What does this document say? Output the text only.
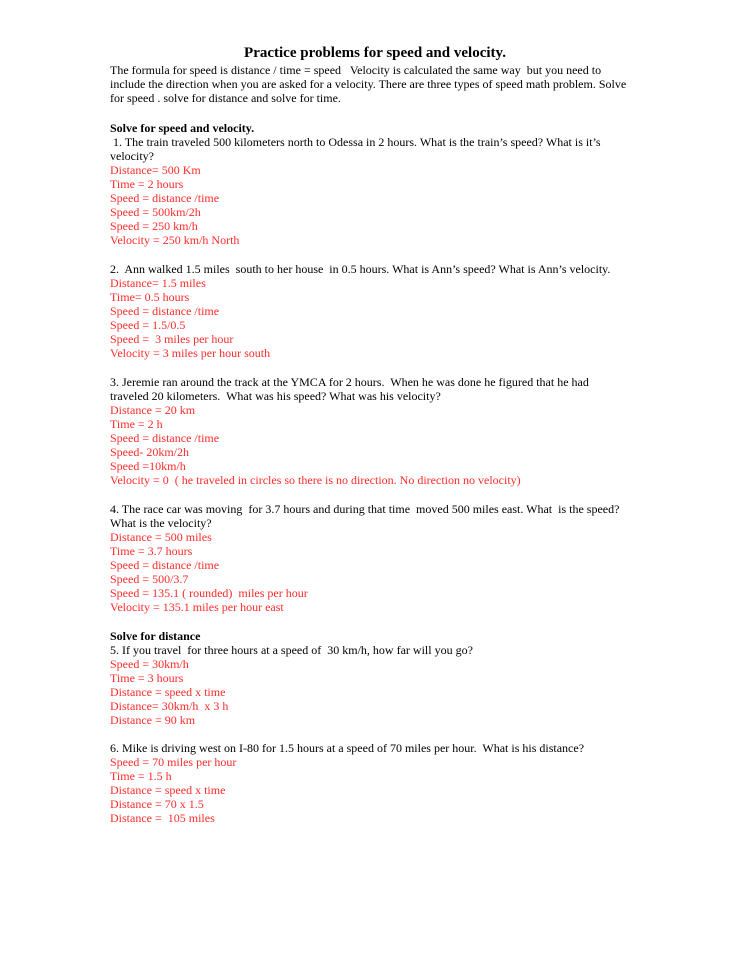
Practice problems for speed and velocity.
The formula for speed is distance / time = speed   Velocity is calculated the same way  but you need to
include the direction when you are asked for a velocity. There are three types of speed math problem. Solve
for speed . solve for distance and solve for time.
Solve for speed and velocity.
1. The train traveled 500 kilometers north to Odessa in 2 hours. What is the train’s speed? What is it’s
velocity?
Distance= 500 Km
Time = 2 hours
Speed = distance /time
Speed = 500km/2h
Speed = 250 km/h
Velocity = 250 km/h North
2.  Ann walked 1.5 miles  south to her house  in 0.5 hours. What is Ann’s speed? What is Ann’s velocity.
Distance= 1.5 miles
Time= 0.5 hours
Speed = distance /time
Speed = 1.5/0.5
Speed =  3 miles per hour
Velocity = 3 miles per hour south
3. Jeremie ran around the track at the YMCA for 2 hours.  When he was done he figured that he had
traveled 20 kilometers.  What was his speed? What was his velocity?
Distance = 20 km
Time = 2 h
Speed = distance /time
Speed- 20km/2h
Speed =10km/h
Velocity = 0  ( he traveled in circles so there is no direction. No direction no velocity)
4. The race car was moving  for 3.7 hours and during that time  moved 500 miles east. What  is the speed?
What is the velocity?
Distance = 500 miles
Time = 3.7 hours
Speed = distance /time
Speed = 500/3.7
Speed = 135.1 ( rounded)  miles per hour
Velocity = 135.1 miles per hour east
Solve for distance
5. If you travel  for three hours at a speed of  30 km/h, how far will you go?
Speed = 30km/h
Time = 3 hours
Distance = speed x time
Distance= 30km/h  x 3 h
Distance = 90 km
6. Mike is driving west on I-80 for 1.5 hours at a speed of 70 miles per hour.  What is his distance?
Speed = 70 miles per hour
Time = 1.5 h
Distance = speed x time
Distance = 70 x 1.5
Distance =  105 miles
